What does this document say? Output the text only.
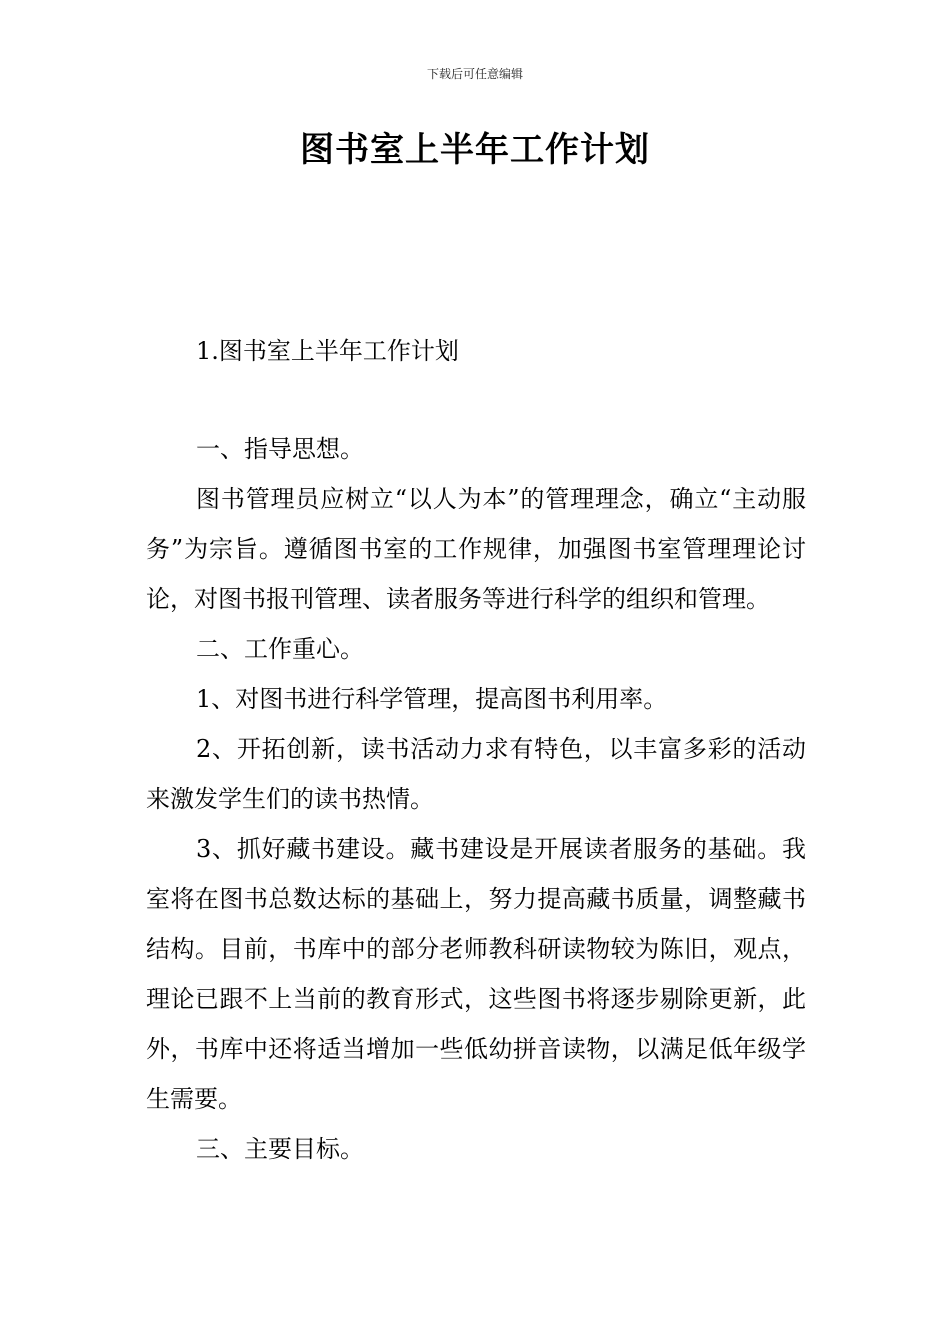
下载后可任意编辑
图书室上半年工作计划

1.图书室上半年工作计划

一、指导思想。

图书管理员应树立“以人为本”的管理理念，确立“主动服务”为宗旨。遵循图书室的工作规律，加强图书室管理理论讨论，对图书报刊管理、读者服务等进行科学的组织和管理。

二、工作重心。

1、对图书进行科学管理，提高图书利用率。

2、开拓创新，读书活动力求有特色，以丰富多彩的活动来激发学生们的读书热情。

3、抓好藏书建设。藏书建设是开展读者服务的基础。我室将在图书总数达标的基础上，努力提高藏书质量，调整藏书结构。目前，书库中的部分老师教科研读物较为陈旧，观点，理论已跟不上当前的教育形式，这些图书将逐步剔除更新，此外，书库中还将适当增加一些低幼拼音读物，以满足低年级学生需要。

三、主要目标。
